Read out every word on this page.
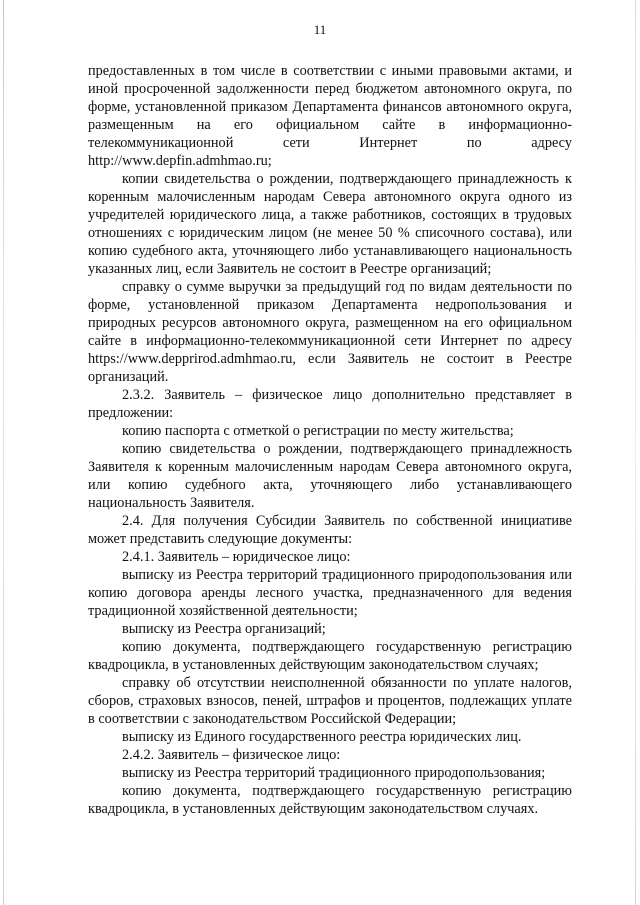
11

предоставленных в том числе в соответствии с иными правовыми актами, и иной просроченной задолженности перед бюджетом автономного округа, по форме, установленной приказом Департамента финансов автономного округа, размещенным на его официальном сайте в информационно-телекоммуникационной сети Интернет по адресу http://www.depfin.admhmao.ru;

копии свидетельства о рождении, подтверждающего принадлежность к коренным малочисленным народам Севера автономного округа одного из учредителей юридического лица, а также работников, состоящих в трудовых отношениях с юридическим лицом (не менее 50 % списочного состава), или копию судебного акта, уточняющего либо устанавливающего национальность указанных лиц, если Заявитель не состоит в Реестре организаций;

справку о сумме выручки за предыдущий год по видам деятельности по форме, установленной приказом Департамента недропользования и природных ресурсов автономного округа, размещенном на его официальном сайте в информационно-телекоммуникационной сети Интернет по адресу https://www.depprirod.admhmao.ru, если Заявитель не состоит в Реестре организаций.

2.3.2. Заявитель – физическое лицо дополнительно представляет в предложении:

копию паспорта с отметкой о регистрации по месту жительства;

копию свидетельства о рождении, подтверждающего принадлежность Заявителя к коренным малочисленным народам Севера автономного округа, или копию судебного акта, уточняющего либо устанавливающего национальность Заявителя.

2.4. Для получения Субсидии Заявитель по собственной инициативе может представить следующие документы:

2.4.1. Заявитель – юридическое лицо:

выписку из Реестра территорий традиционного природопользования или копию договора аренды лесного участка, предназначенного для ведения традиционной хозяйственной деятельности;

выписку из Реестра организаций;

копию документа, подтверждающего государственную регистрацию квадроцикла, в установленных действующим законодательством случаях;

справку об отсутствии неисполненной обязанности по уплате налогов, сборов, страховых взносов, пеней, штрафов и процентов, подлежащих уплате в соответствии с законодательством Российской Федерации;

выписку из Единого государственного реестра юридических лиц.

2.4.2. Заявитель – физическое лицо:

выписку из Реестра территорий традиционного природопользования;

копию документа, подтверждающего государственную регистрацию квадроцикла, в установленных действующим законодательством случаях.
